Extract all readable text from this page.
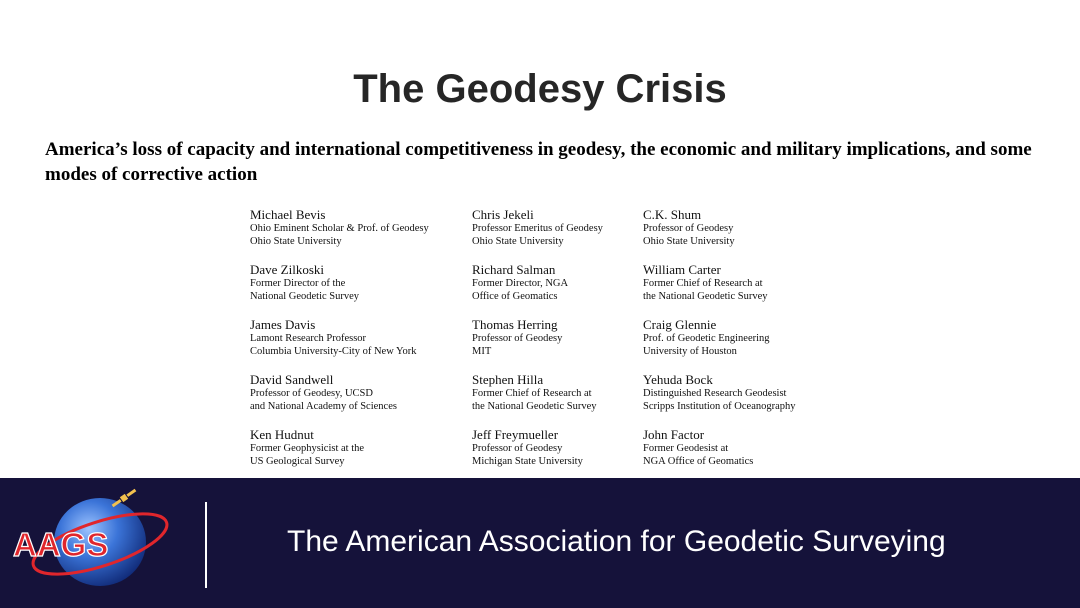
The Geodesy Crisis
America’s loss of capacity and international competitiveness in geodesy, the economic and military implications, and some modes of corrective action
Michael Bevis
Ohio Eminent Scholar & Prof. of Geodesy
Ohio State University
Chris Jekeli
Professor Emeritus of Geodesy
Ohio State University
C.K. Shum
Professor of Geodesy
Ohio State University
Dave Zilkoski
Former Director of the
National Geodetic Survey
Richard Salman
Former Director, NGA
Office of Geomatics
William Carter
Former Chief of Research at
the National Geodetic Survey
James Davis
Lamont Research Professor
Columbia University-City of New York
Thomas Herring
Professor of Geodesy
MIT
Craig Glennie
Prof. of Geodetic Engineering
University of Houston
David Sandwell
Professor of Geodesy, UCSD
and National Academy of Sciences
Stephen Hilla
Former Chief of Research at
the National Geodetic Survey
Yehuda Bock
Distinguished Research Geodesist
Scripps Institution of Oceanography
Ken Hudnut
Former Geophysicist at the
US Geological Survey
Jeff Freymueller
Professor of Geodesy
Michigan State University
John Factor
Former Geodesist at
NGA Office of Geomatics
AAGS	The American Association for Geodetic Surveying
